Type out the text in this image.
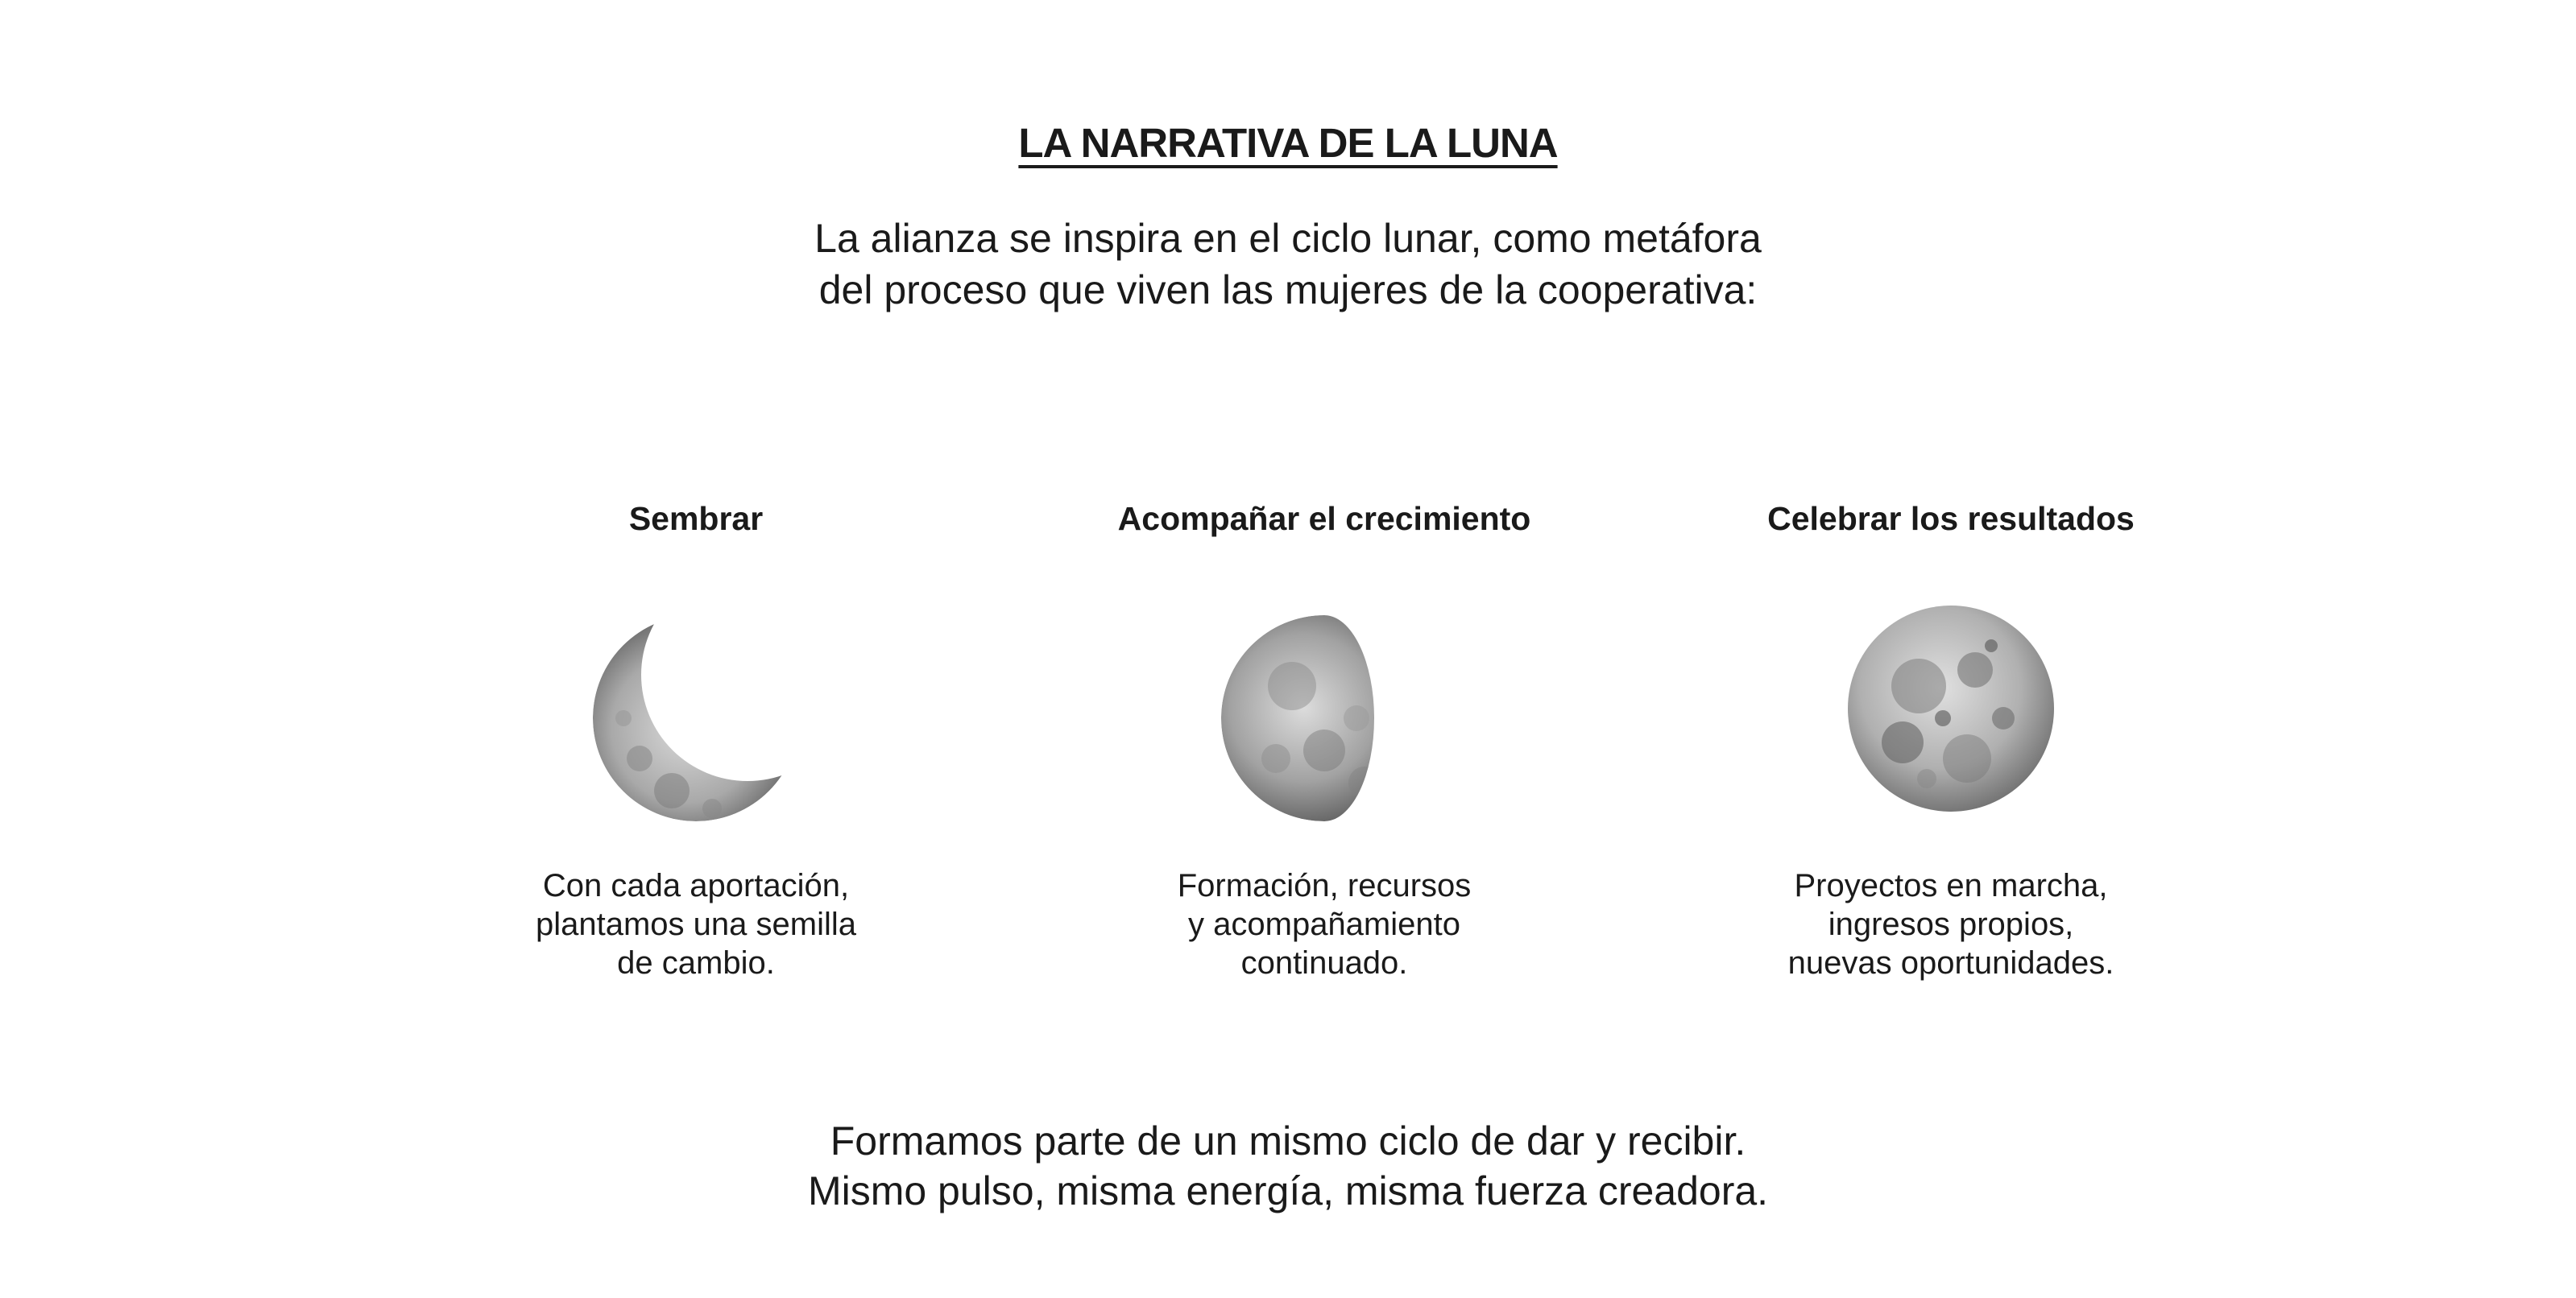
LA NARRATIVA DE LA LUNA
La alianza se inspira en el ciclo lunar, como metáfora
del proceso que viven las mujeres de la cooperativa:
Sembrar
Con cada aportación,
plantamos una semilla
de cambio.
Acompañar el crecimiento
Formación, recursos
y acompañamiento
continuado.
Celebrar los resultados
Proyectos en marcha,
ingresos propios,
nuevas oportunidades.
Formamos parte de un mismo ciclo de dar y recibir.
Mismo pulso, misma energía, misma fuerza creadora.
